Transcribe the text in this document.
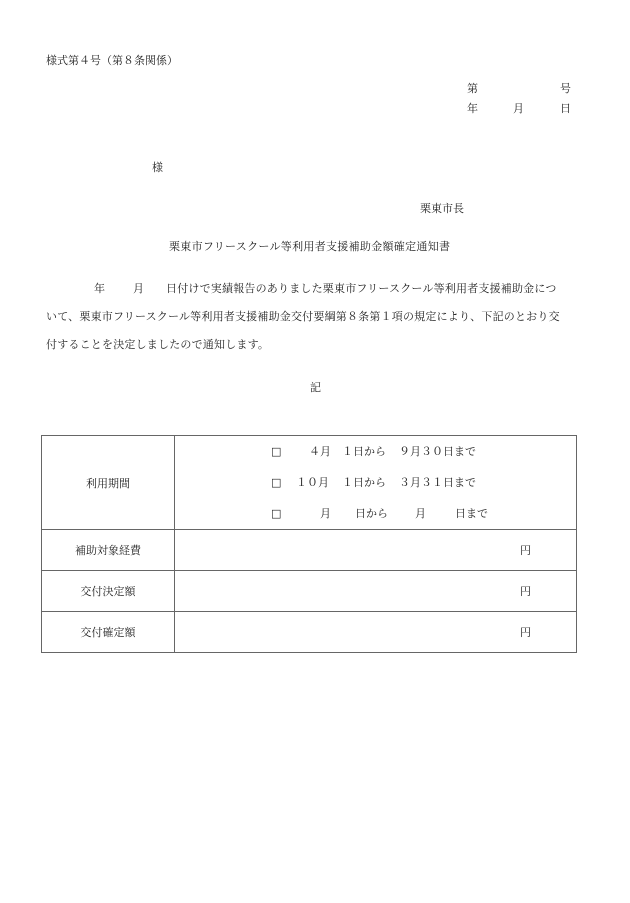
様式第４号（第８条関係）
第	号
年	月	日
様
栗東市長
栗東市フリースクール等利用者支援補助金額確定通知書
年	月 日付けで実績報告のありました栗東市フリースクール等利用者支援補助金につ
いて、栗東市フリースクール等利用者支援補助金交付要綱第８条第１項の規定により、下記のとおり交
付することを決定しましたので通知します。
記
利用期間	
□	４月 １日から ９月３０日まで
□ １０月 １日から ３月３１日まで
□	月 日から 月	日まで

補助対象経費	円

交付決定額	円

交付確定額	円
